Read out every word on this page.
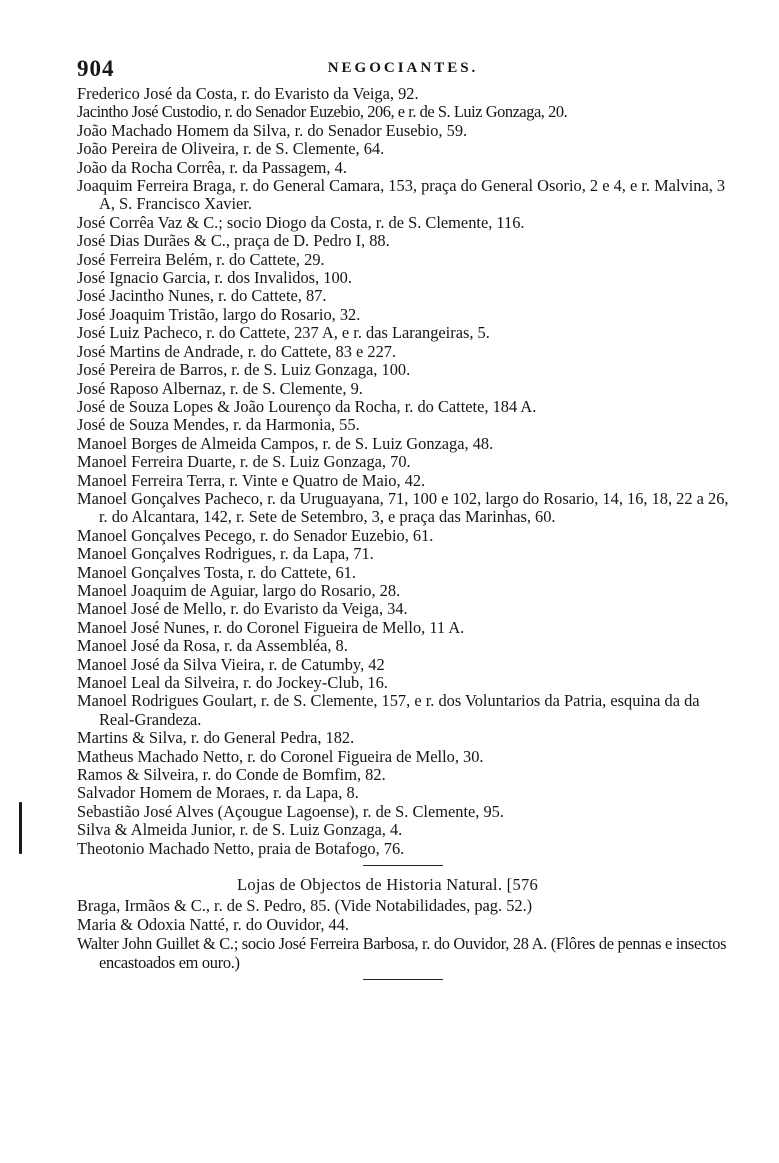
904	NEGOCIANTES.
Frederico José da Costa, r. do Evaristo da Veiga, 92.
Jacintho José Custodio, r. do Senador Euzebio, 206, e r. de S. Luiz Gonzaga, 20.
João Machado Homem da Silva, r. do Senador Eusebio, 59.
João Pereira de Oliveira, r. de S. Clemente, 64.
João da Rocha Corrêa, r. da Passagem, 4.
Joaquim Ferreira Braga, r. do General Camara, 153, praça do General Osorio, 2 e 4, e r. Malvina, 3 A, S. Francisco Xavier.
José Corrêa Vaz & C.; socio Diogo da Costa, r. de S. Clemente, 116.
José Dias Durães & C., praça de D. Pedro I, 88.
José Ferreira Belém, r. do Cattete, 29.
José Ignacio Garcia, r. dos Invalidos, 100.
José Jacintho Nunes, r. do Cattete, 87.
José Joaquim Tristão, largo do Rosario, 32.
José Luiz Pacheco, r. do Cattete, 237 A, e r. das Larangeiras, 5.
José Martins de Andrade, r. do Cattete, 83 e 227.
José Pereira de Barros, r. de S. Luiz Gonzaga, 100.
José Raposo Albernaz, r. de S. Clemente, 9.
José de Souza Lopes & João Lourenço da Rocha, r. do Cattete, 184 A.
José de Souza Mendes, r. da Harmonia, 55.
Manoel Borges de Almeida Campos, r. de S. Luiz Gonzaga, 48.
Manoel Ferreira Duarte, r. de S. Luiz Gonzaga, 70.
Manoel Ferreira Terra, r. Vinte e Quatro de Maio, 42.
Manoel Gonçalves Pacheco, r. da Uruguayana, 71, 100 e 102, largo do Rosario, 14, 16, 18, 22 a 26, r. do Alcantara, 142, r. Sete de Setembro, 3, e praça das Marinhas, 60.
Manoel Gonçalves Pecego, r. do Senador Euzebio, 61.
Manoel Gonçalves Rodrigues, r. da Lapa, 71.
Manoel Gonçalves Tosta, r. do Cattete, 61.
Manoel Joaquim de Aguiar, largo do Rosario, 28.
Manoel José de Mello, r. do Evaristo da Veiga, 34.
Manoel José Nunes, r. do Coronel Figueira de Mello, 11 A.
Manoel José da Rosa, r. da Assembléa, 8.
Manoel José da Silva Vieira, r. de Catumby, 42
Manoel Leal da Silveira, r. do Jockey-Club, 16.
Manoel Rodrigues Goulart, r. de S. Clemente, 157, e r. dos Voluntarios da Patria, esquina da da Real-Grandeza.
Martins & Silva, r. do General Pedra, 182.
Matheus Machado Netto, r. do Coronel Figueira de Mello, 30.
Ramos & Silveira, r. do Conde de Bomfim, 82.
Salvador Homem de Moraes, r. da Lapa, 8.
Sebastião José Alves (Açougue Lagoense), r. de S. Clemente, 95.
Silva & Almeida Junior, r. de S. Luiz Gonzaga, 4.
Theotonio Machado Netto, praia de Botafogo, 76.
Lojas de Objectos de Historia Natural. [576
Braga, Irmãos & C., r. de S. Pedro, 85. (Vide Notabilidades, pag. 52.)
Maria & Odoxia Natté, r. do Ouvidor, 44.
Walter John Guillet & C.; socio José Ferreira Barbosa, r. do Ouvidor, 28 A. (Flôres de pennas e insectos encastoados em ouro.)
